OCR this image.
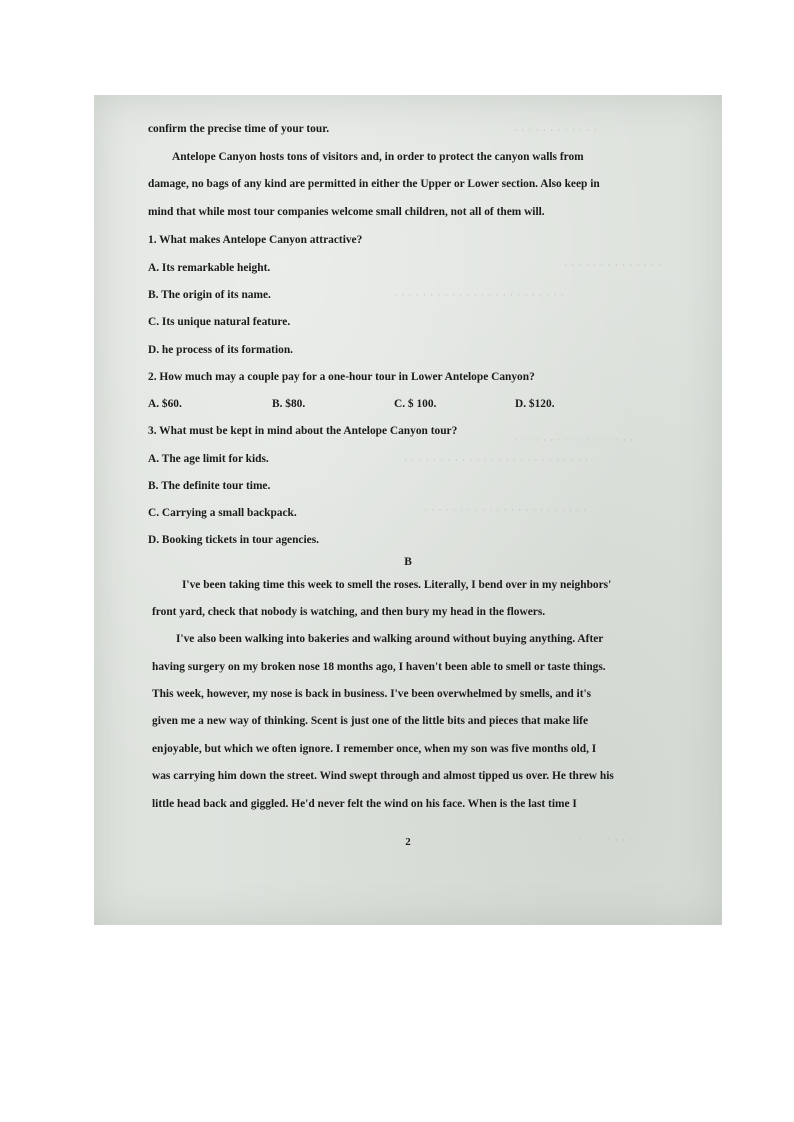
· · · · · · · · · · · ·
· · · · · · · · · · · · · ·
· · · · · · · · · · · · · · · · · · · · · · · ·
· · · · · · · · · · · · · · · · ·
· · · · · · · · · · · · · · · · · · · · · · · · · ·
· · · · · · · · · · · · · · · · · · · · · · ·
· · · · · · · · · · ·
confirm the precise time of your tour.
Antelope Canyon hosts tons of visitors and, in order to protect the canyon walls from
damage, no bags of any kind are permitted in either the Upper or Lower section. Also keep in
mind that while most tour companies welcome small children, not all of them will.
1. What makes Antelope Canyon attractive?
A. Its remarkable height.
B. The origin of its name.
C. Its unique natural feature.
D. he process of its formation.
2. How much may a couple pay for a one-hour tour in Lower Antelope Canyon?
A. $60.	B. $80.	C. $ 100.	D. $120.
3. What must be kept in mind about the Antelope Canyon tour?
A. The age limit for kids.
B. The definite tour time.
C. Carrying a small backpack.
D. Booking tickets in tour agencies.
B
I've been taking time this week to smell the roses. Literally, I bend over in my neighbors'
front yard, check that nobody is watching, and then bury my head in the flowers.
I've also been walking into bakeries and walking around without buying anything. After
having surgery on my broken nose 18 months ago, I haven't been able to smell or taste things.
This week, however, my nose is back in business. I've been overwhelmed by smells, and it's
given me a new way of thinking. Scent is just one of the little bits and pieces that make life
enjoyable, but which we often ignore. I remember once, when my son was five months old, I
was carrying him down the street. Wind swept through and almost tipped us over. He threw his
little head back and giggled. He'd never felt the wind on his face. When is the last time I
2
